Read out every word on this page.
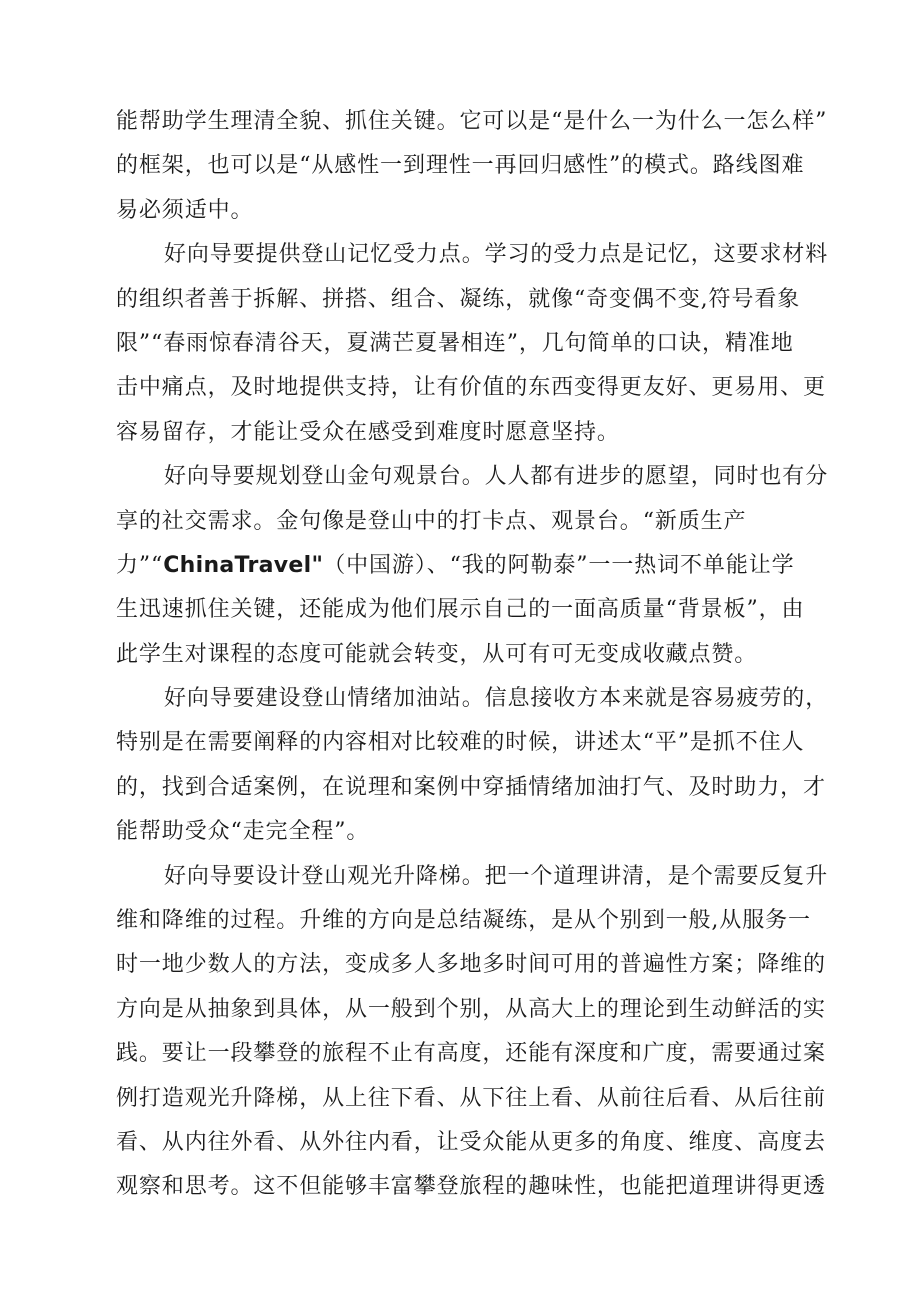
能帮助学生理清全貌、抓住关键。它可以是“是什么一为什么一怎么样”
的框架，也可以是“从感性一到理性一再回归感性”的模式。路线图难
易必须适中。
好向导要提供登山记忆受力点。学习的受力点是记忆，这要求材料
的组织者善于拆解、拼搭、组合、凝练，就像“奇变偶不变,符号看象
限”“春雨惊春清谷天，夏满芒夏暑相连”，几句简单的口诀，精准地
击中痛点，及时地提供支持，让有价值的东西变得更友好、更易用、更
容易留存，才能让受众在感受到难度时愿意坚持。
好向导要规划登山金句观景台。人人都有进步的愿望，同时也有分
享的社交需求。金句像是登山中的打卡点、观景台。“新质生产
力”“ChinaTravel"（中国游）、“我的阿勒泰”一一热词不单能让学
生迅速抓住关键，还能成为他们展示自己的一面高质量“背景板”，由
此学生对课程的态度可能就会转变，从可有可无变成收藏点赞。
好向导要建设登山情绪加油站。信息接收方本来就是容易疲劳的，
特别是在需要阐释的内容相对比较难的时候，讲述太“平”是抓不住人
的，找到合适案例，在说理和案例中穿插情绪加油打气、及时助力，才
能帮助受众“走完全程”。
好向导要设计登山观光升降梯。把一个道理讲清，是个需要反复升
维和降维的过程。升维的方向是总结凝练，是从个别到一般,从服务一
时一地少数人的方法，变成多人多地多时间可用的普遍性方案；降维的
方向是从抽象到具体，从一般到个别，从高大上的理论到生动鲜活的实
践。要让一段攀登的旅程不止有高度，还能有深度和广度，需要通过案
例打造观光升降梯，从上往下看、从下往上看、从前往后看、从后往前
看、从内往外看、从外往内看，让受众能从更多的角度、维度、高度去
观察和思考。这不但能够丰富攀登旅程的趣味性，也能把道理讲得更透
